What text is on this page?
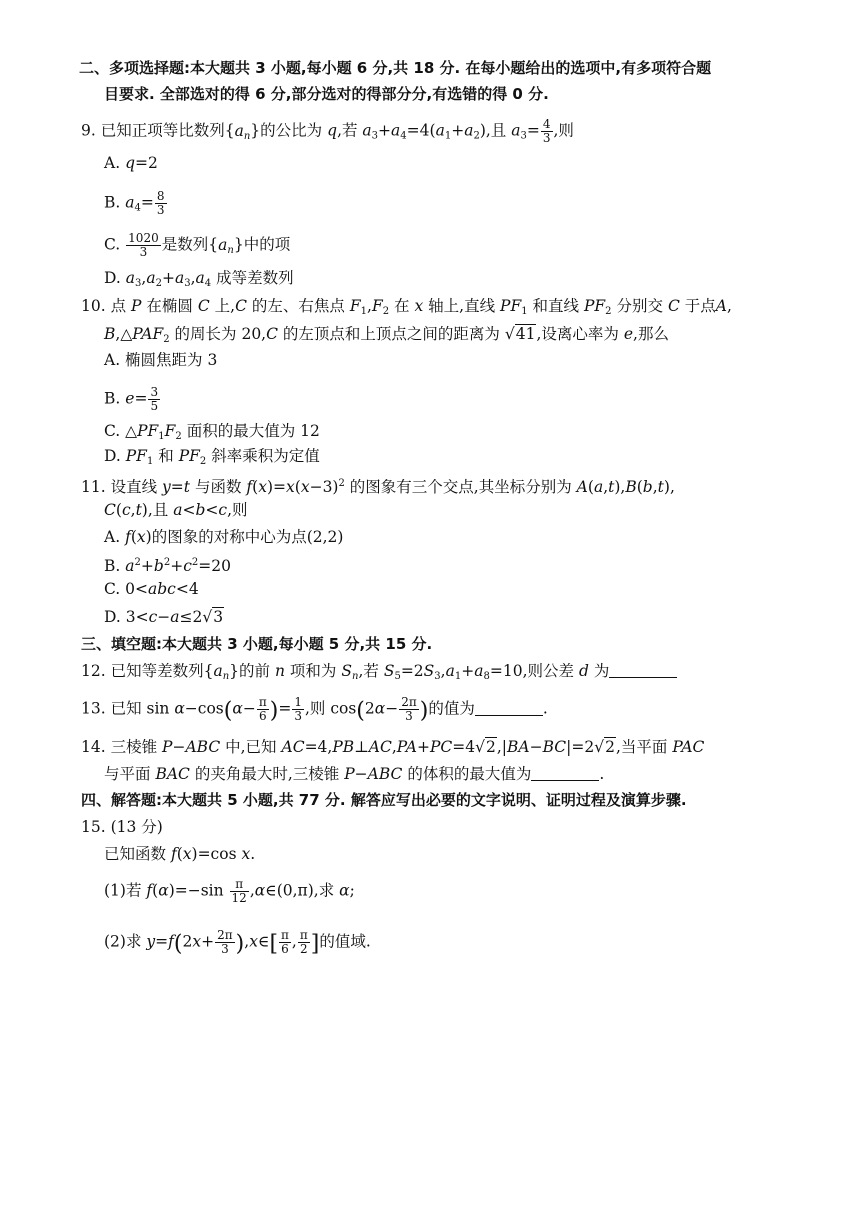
二、多项选择题:本大题共 3 小题,每小题 6 分,共 18 分. 在每小题给出的选项中,有多项符合题
目要求. 全部选对的得 6 分,部分选对的得部分分,有选错的得 0 分.
9. 已知正项等比数列$\{a_n\}$的公比为 q,若 $a_3+a_4=4(a_1+a_2)$,且 $a_3= \frac{4}{3}$ ,则
A. q=2
B. $a_4= \frac{8}{3}$
C. $\frac{1020}{3}$ 是数列$\{a_n\}$中的项
D. $a_3,a_2+a_3,a_4$ 成等差数列
10. 点 P 在椭圆 C 上,C 的左、右焦点 $F_1,F_2$ 在 x 轴上,直线 $PF_1$ 和直线 $PF_2$ 分别交 C 于点A,
$B,\triangle PAF_2$ 的周长为 20,C 的左顶点和上顶点之间的距离为 √41,设离心率为 e,那么
A. 椭圆焦距为 3
B. $e= \frac{3}{5}$
C. $\triangle PF_1F_2$ 面积的最大值为 12
D. $PF_1$ 和 $PF_2$ 斜率乘积为定值
11. 设直线 y=t 与函数 $f(x)=x(x-3)^2$ 的图象有三个交点,其坐标分别为 A(a,t),B(b,t),
C(c,t),且 a<b<c,则
A. f(x)的图象的对称中心为点(2,2)
B. $a^2+b^2+c^2=20$
C. 0<abc<4
D. 3<c−a≤2√3
三、填空题:本大题共 3 小题,每小题 5 分,共 15 分.
12. 已知等差数列$\{a_n\}$的前 n 项和为 $S_n$,若 $S_5=2S_3,a_1+a_8=10$,则公差 d 为
13. 已知 $\sin \alpha-\cos(\alpha- \frac{\pi}{6}$ )= $\frac{1}{3}$ ,则 $\cos(2\alpha- \frac{2\pi}{3}$ )的值为	.
14. 三棱锥 P−ABC 中,已知 AC=4,PB⊥AC,PA+PC=4√2,|BA−BC|=2√2,当平面 PAC
与平面 BAC 的夹角最大时,三棱锥 P−ABC 的体积的最大值为	.
四、解答题:本大题共 5 小题,共 77 分. 解答应写出必要的文字说明、证明过程及演算步骤.
15. (13 分)
已知函数 f(x)=cos x.
(1)若 $f(\alpha)=-\sin \frac{\pi}{12}$ ,α∈(0,π),求 α;
(2)求 $y=f(2x+ \frac{2\pi}{3}$ ),x∈[ $\frac{\pi}{6}$ , $\frac{\pi}{2}$ ]的值域.
